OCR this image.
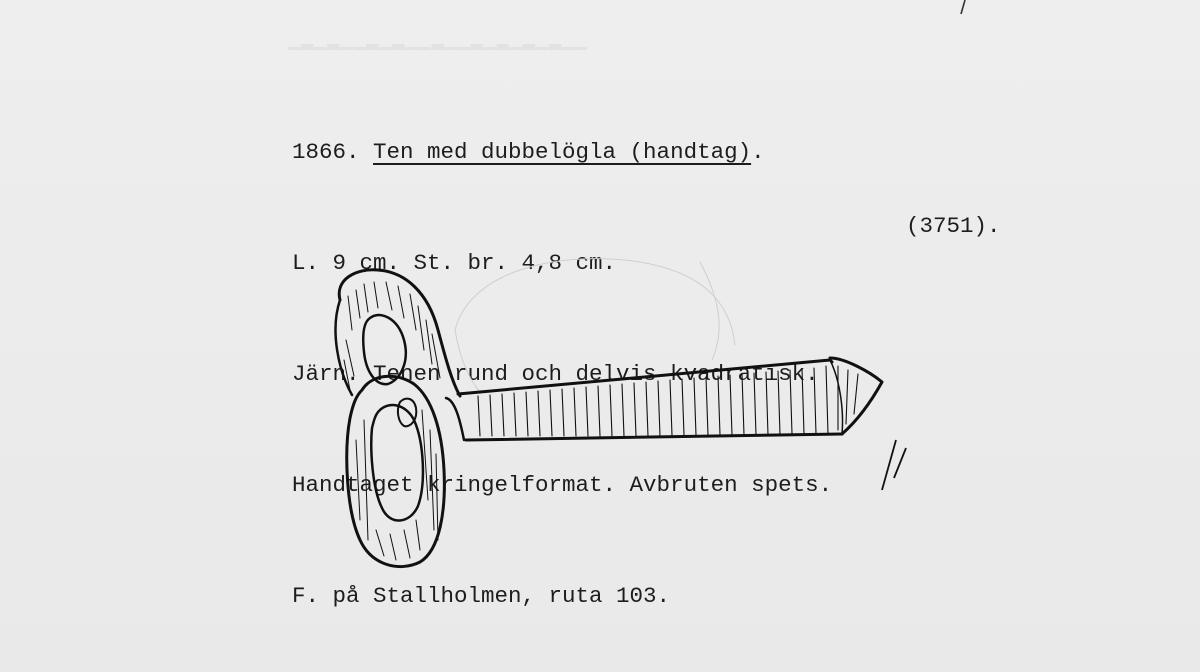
▁▂▁▂▁▁▂▁▂▁▁▂▁▁▂▁▂▁▂▁▂▁▁

1866. Ten med dubbelögla (handtag).

L. 9 cm. St. br. 4,8 cm.

Järn. Tenen rund och delvis kvadratisk.

Handtaget kringelformat. Avbruten spets.

F. på Stallholmen, ruta 103.

(3751).
